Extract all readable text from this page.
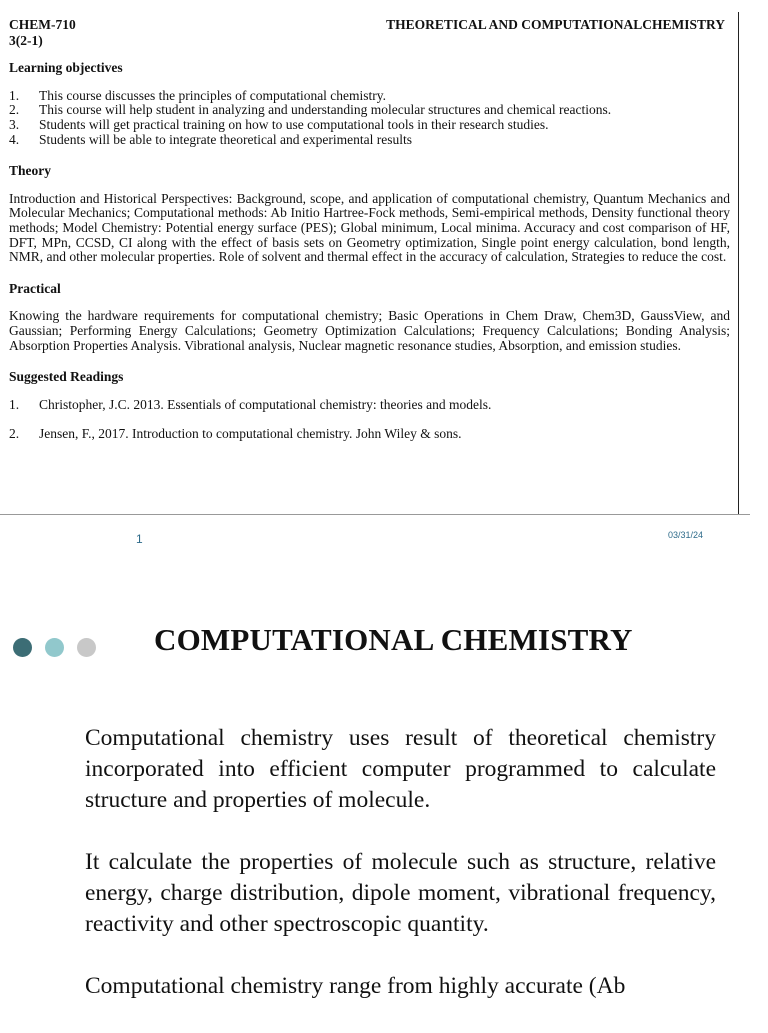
CHEM-710	THEORETICAL AND COMPUTATIONALCHEMISTRY
3(2-1)
Learning objectives
1.	This course discusses the principles of computational chemistry.
2.	This course will help student in analyzing and understanding molecular structures and chemical reactions.
3.	Students will get practical training on how to use computational tools in their research studies.
4.	Students will be able to integrate theoretical and experimental results
Theory

Introduction and Historical Perspectives: Background, scope, and application of computational chemistry, Quantum Mechanics and Molecular Mechanics; Computational methods: Ab Initio Hartree-Fock methods, Semi-empirical methods, Density functional theory methods; Model Chemistry: Potential energy surface (PES); Global minimum, Local minima. Accuracy and cost comparison of HF, DFT, MPn, CCSD, CI along with the effect of basis sets on Geometry optimization, Single point energy calculation, bond length, NMR, and other molecular properties. Role of solvent and thermal effect in the accuracy of calculation, Strategies to reduce the cost.

Practical

Knowing the hardware requirements for computational chemistry; Basic Operations in Chem Draw, Chem3D, GaussView, and Gaussian; Performing Energy Calculations; Geometry Optimization Calculations; Frequency Calculations; Bonding Analysis; Absorption Properties Analysis. Vibrational analysis, Nuclear magnetic resonance studies, Absorption, and emission studies.

Suggested Readings
1.	Christopher, J.C. 2013. Essentials of computational chemistry: theories and models.
2.	Jensen, F., 2017. Introduction to computational chemistry. John Wiley & sons.
1	03/31/24
COMPUTATIONAL CHEMISTRY

Computational chemistry uses result of theoretical chemistry incorporated into efficient computer programmed to calculate structure and properties of molecule.

It calculate the properties of molecule such as structure, relative energy, charge distribution, dipole moment, vibrational frequency, reactivity and other spectroscopic quantity.

Computational chemistry range from highly accurate (Ab
